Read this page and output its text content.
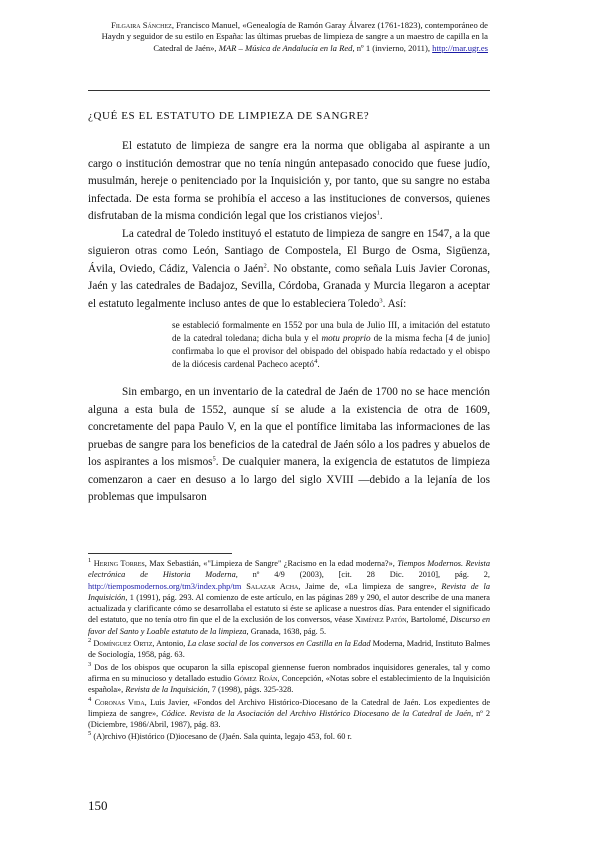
Filgaira Sánchez, Francisco Manuel, «Genealogía de Ramón Garay Álvarez (1761-1823), contemporáneo de Haydn y seguidor de su estilo en España: las últimas pruebas de limpieza de sangre a un maestro de capilla en la Catedral de Jaén», MAR – Música de Andalucía en la Red, nº 1 (invierno, 2011), http://mar.ugr.es
¿QUÉ ES EL ESTATUTO DE LIMPIEZA DE SANGRE?

El estatuto de limpieza de sangre era la norma que obligaba al aspirante a un cargo o institución demostrar que no tenía ningún antepasado conocido que fuese judío, musulmán, hereje o penitenciado por la Inquisición y, por tanto, que su sangre no estaba infectada. De esta forma se prohibía el acceso a las instituciones de conversos, quienes disfrutaban de la misma condición legal que los cristianos viejos$^1$.

La catedral de Toledo instituyó el estatuto de limpieza de sangre en 1547, a la que siguieron otras como León, Santiago de Compostela, El Burgo de Osma, Sigüenza, Ávila, Oviedo, Cádiz, Valencia o Jaén$^2$. No obstante, como señala Luis Javier Coronas, Jaén y las catedrales de Badajoz, Sevilla, Córdoba, Granada y Murcia llegaron a aceptar el estatuto legalmente incluso antes de que lo estableciera Toledo$^3$. Así:

se estableció formalmente en 1552 por una bula de Julio III, a imitación del estatuto de la catedral toledana; dicha bula y el motu proprio de la misma fecha [4 de junio] confirmaba lo que el provisor del obispado del obispado había redactado y el obispo de la diócesis cardenal Pacheco aceptó$^4$.

Sin embargo, en un inventario de la catedral de Jaén de 1700 no se hace mención alguna a esta bula de 1552, aunque sí se alude a la existencia de otra de 1609, concretamente del papa Paulo V, en la que el pontífice limitaba las informaciones de las pruebas de sangre para los beneficios de la catedral de Jaén sólo a los padres y abuelos de los aspirantes a los mismos$^5$. De cualquier manera, la exigencia de estatutos de limpieza comenzaron a caer en desuso a lo largo del siglo XVIII —debido a la lejanía de los problemas que impulsaron

$^1$ Hering Torres, Max Sebastián, «"Limpieza de Sangre" ¿Racismo en la edad moderna?», Tiempos Modernos. Revista electrónica de Historia Moderna, nº 4/9 (2003), [cit. 28 Dic. 2010], pág. 2, http://tiemposmodernos.org/tm3/index.php/tm Salazar Acha, Jaime de, «La limpieza de sangre», Revista de la Inquisición, 1 (1991), pág. 293. Al comienzo de este artículo, en las páginas 289 y 290, el autor describe de una manera actualizada y clarificante cómo se desarrollaba el estatuto si éste se aplicase a nuestros días. Para entender el significado del estatuto, que no tenía otro fin que el de la exclusión de los conversos, véase Ximénez Patón, Bartolomé, Discurso en favor del Santo y Loable estatuto de la limpieza, Granada, 1638, pág. 5.
$^2$ Domínguez Ortiz, Antonio, La clase social de los conversos en Castilla en la Edad Moderna, Madrid, Instituto Balmes de Sociología, 1958, pág. 63.
$^3$ Dos de los obispos que ocuparon la silla episcopal giennense fueron nombrados inquisidores generales, tal y como afirma en su minucioso y detallado estudio Gómez Roán, Concepción, «Notas sobre el establecimiento de la Inquisición española», Revista de la Inquisición, 7 (1998), págs. 325-328.
$^4$ Coronas Vida, Luis Javier, «Fondos del Archivo Histórico-Diocesano de la Catedral de Jaén. Los expedientes de limpieza de sangre», Códice. Revista de la Asociación del Archivo Histórico Diocesano de la Catedral de Jaén, nº 2 (Diciembre, 1986/Abril, 1987), pág. 83.
$^5$ (A)rchivo (H)istórico (D)iocesano de (J)aén. Sala quinta, legajo 453, fol. 60 r.
150
